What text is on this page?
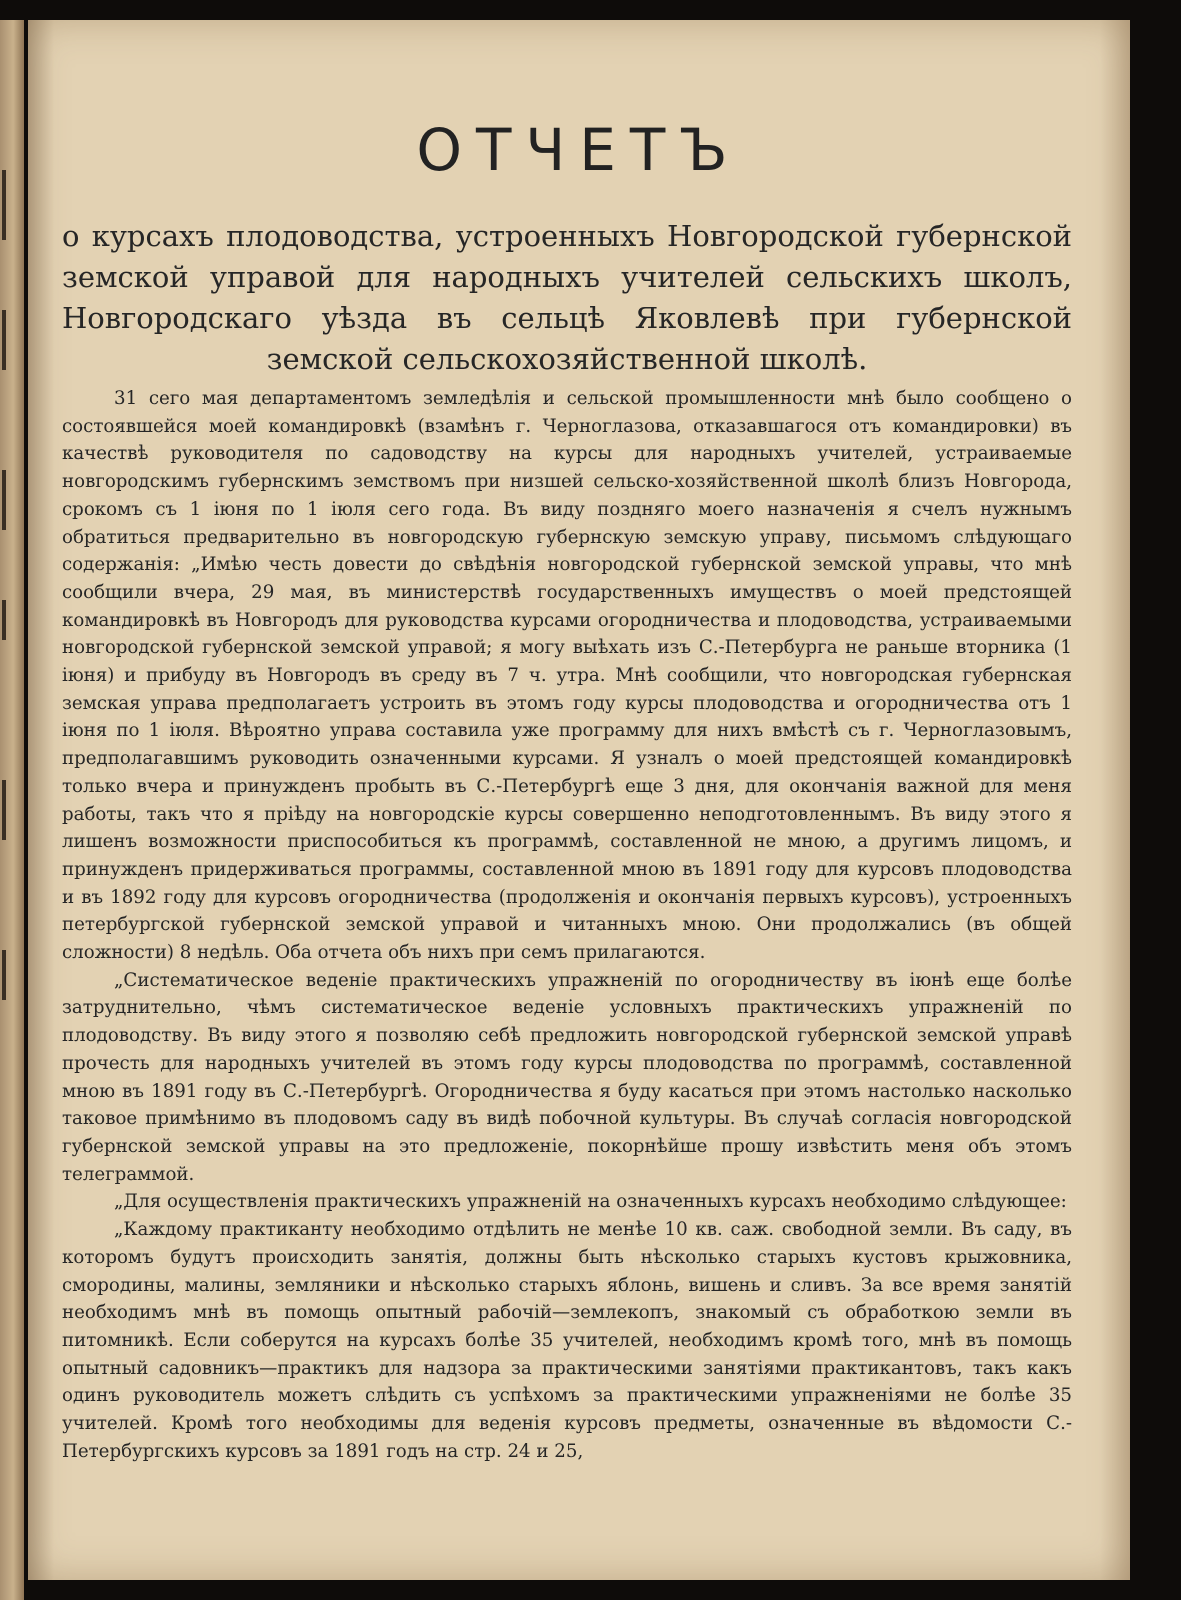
ОТЧЕТЪ

о курсахъ плодоводства, устроенныхъ Новгородской губернской земской управой для народныхъ учителей сельскихъ школъ, Новгородскаго уѣзда въ сельцѣ Яковлевѣ при губернской земской сельскохозяйственной школѣ.

31 сего мая департаментомъ земледѣлія и сельской промышленности мнѣ было сообщено о состоявшейся моей командировкѣ (взамѣнъ г. Черноглазова, отказавшагося отъ командировки) въ качествѣ руководителя по садоводству на курсы для народныхъ учителей, устраиваемые новгородскимъ губернскимъ земствомъ при низшей сельско-хозяйственной школѣ близъ Новгорода, срокомъ съ 1 іюня по 1 іюля сего года. Въ виду поздняго моего назначенія я счелъ нужнымъ обратиться предварительно въ новгородскую губернскую земскую управу, письмомъ слѣдующаго содержанія: „Имѣю честь довести до свѣдѣнія новгородской губернской земской управы, что мнѣ сообщили вчера, 29 мая, въ министерствѣ государственныхъ имуществъ о моей предстоящей командировкѣ въ Новгородъ для руководства курсами огородничества и плодоводства, устраиваемыми новгородской губернской земской управой; я могу выѣхать изъ С.-Петербурга не раньше вторника (1 іюня) и прибуду въ Новгородъ въ среду въ 7 ч. утра. Мнѣ сообщили, что новгородская губернская земская управа предполагаетъ устроить въ этомъ году курсы плодоводства и огородничества отъ 1 іюня по 1 іюля. Вѣроятно управа составила уже программу для нихъ вмѣстѣ съ г. Черноглазовымъ, предполагавшимъ руководить означенными курсами. Я узналъ о моей предстоящей командировкѣ только вчера и принужденъ пробыть въ С.-Петербургѣ еще 3 дня, для окончанія важной для меня работы, такъ что я пріѣду на новгородскіе курсы совершенно неподготовленнымъ. Въ виду этого я лишенъ возможности приспособиться къ программѣ, составленной не мною, а другимъ лицомъ, и принужденъ придерживаться программы, составленной мною въ 1891 году для курсовъ плодоводства и въ 1892 году для курсовъ огородничества (продолженія и окончанія первыхъ курсовъ), устроенныхъ петербургской губернской земской управой и читанныхъ мною. Они продолжались (въ общей сложности) 8 недѣль. Оба отчета объ нихъ при семъ прилагаются.

„Систематическое веденіе практическихъ упражненій по огородничеству въ іюнѣ еще болѣе затруднительно, чѣмъ систематическое веденіе условныхъ практическихъ упражненій по плодоводству. Въ виду этого я позволяю себѣ предложить новгородской губернской земской управѣ прочесть для народныхъ учителей въ этомъ году курсы плодоводства по программѣ, составленной мною въ 1891 году въ С.-Петербургѣ. Огородничества я буду касаться при этомъ настолько насколько таковое примѣнимо въ плодовомъ саду въ видѣ побочной культуры. Въ случаѣ согласія новгородской губернской земской управы на это предложеніе, покорнѣйше прошу извѣстить меня объ этомъ телеграммой.

„Для осуществленія практическихъ упражненій на означенныхъ курсахъ необходимо слѣдующее:

„Каждому практиканту необходимо отдѣлить не менѣе 10 кв. саж. свободной земли. Въ саду, въ которомъ будутъ происходить занятія, должны быть нѣсколько старыхъ кустовъ крыжовника, смородины, малины, земляники и нѣсколько старыхъ яблонь, вишень и сливъ. За все время занятій необходимъ мнѣ въ помощь опытный рабочій—землекопъ, знакомый съ обработкою земли въ питомникѣ. Если соберутся на курсахъ болѣе 35 учителей, необходимъ кромѣ того, мнѣ въ помощь опытный садовникъ—практикъ для надзора за практическими занятіями практикантовъ, такъ какъ одинъ руководитель можетъ слѣдить съ успѣхомъ за практическими упражненіями не болѣе 35 учителей. Кромѣ того необходимы для веденія курсовъ предметы, означенные въ вѣдомости С.-Петербургскихъ курсовъ за 1891 годъ на стр. 24 и 25,
